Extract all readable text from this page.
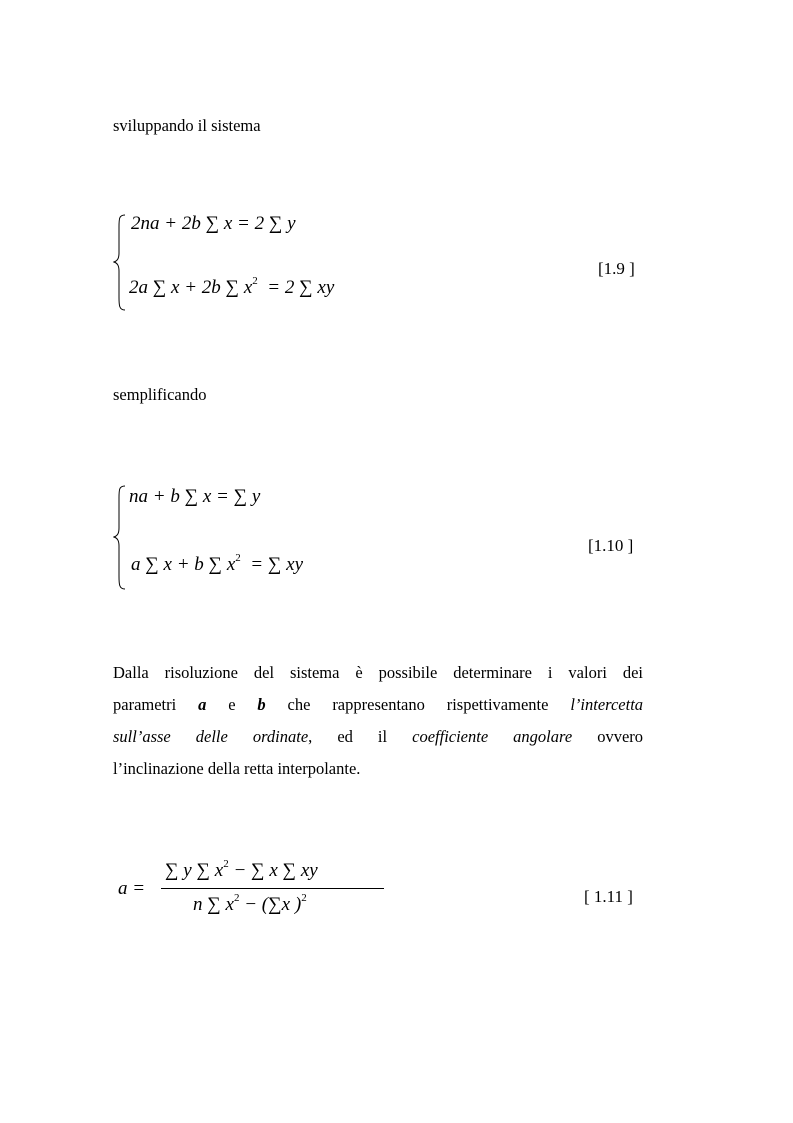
sviluppando il sistema
2na + 2b ∑ x = 2 ∑ y
2a ∑ x + 2b ∑ $x^2 = 2$ ∑ xy
[1.9 ]
semplificando
na + b ∑ x = ∑ y
a ∑ x + b ∑ $x^2$ = ∑ xy
[1.10 ]
Dalla risoluzione del sistema è possibile determinare i valori dei
parametri a e b che rappresentano rispettivamente l’intercetta
sull’asse delle ordinate, ed il coefficiente angolare ovvero
l’inclinazione della retta interpolante.
a =
∑ y ∑ $x^2$ − ∑ x ∑ xy
n ∑ $x^2 - (\sum x$ )$^2$	[ 1.11 ]
